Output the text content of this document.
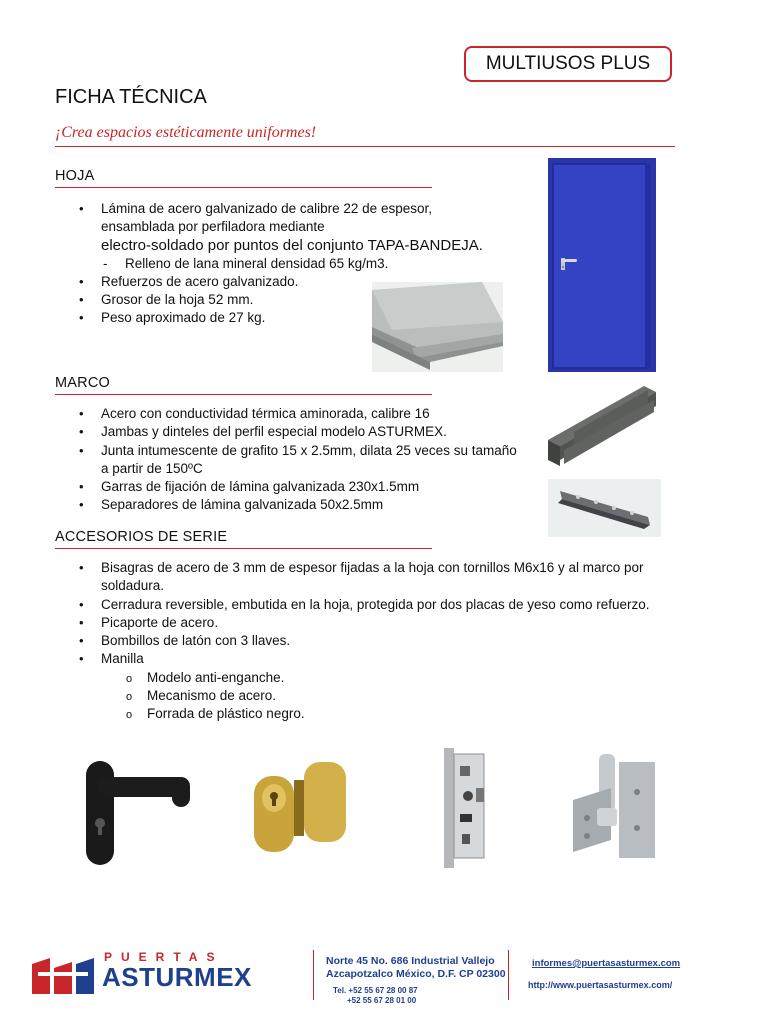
MULTIUSOS PLUS
FICHA TÉCNICA
¡Crea espacios estéticamente uniformes!
HOJA
• Lámina de acero galvanizado de calibre 22 de espesor,
ensamblada por perfiladora mediante
electro-soldado por puntos del conjunto TAPA-BANDEJA.
- Relleno de lana mineral densidad 65 kg/m3.
• Refuerzos de acero galvanizado.
• Grosor de la hoja 52 mm.
• Peso aproximado de 27 kg.
MARCO
• Acero con conductividad térmica aminorada, calibre 16
• Jambas y dinteles del perfil especial modelo ASTURMEX.
• Junta intumescente de grafito 15 x 2.5mm, dilata 25 veces su tamaño
a partir de 150ºC
• Garras de fijación de lámina galvanizada 230x1.5mm
• Separadores de lámina galvanizada 50x2.5mm
ACCESORIOS DE SERIE
• Bisagras de acero de 3 mm de espesor fijadas a la hoja con tornillos M6x16 y al marco por
soldadura.
• Cerradura reversible, embutida en la hoja, protegida por dos placas de yeso como refuerzo.
• Picaporte de acero.
• Bombillos de latón con 3 llaves.
• Manilla
o Modelo anti-enganche.
o Mecanismo de acero.
o Forrada de plástico negro.
PUERTAS
ASTURMEX
Norte 45 No. 686 Industrial Vallejo
Azcapotzalco México, D.F. CP 02300
Tel. +52 55 67 28 00 87
+52 55 67 28 01 00
informes@puertasasturmex.com
http://www.puertasasturmex.com/
